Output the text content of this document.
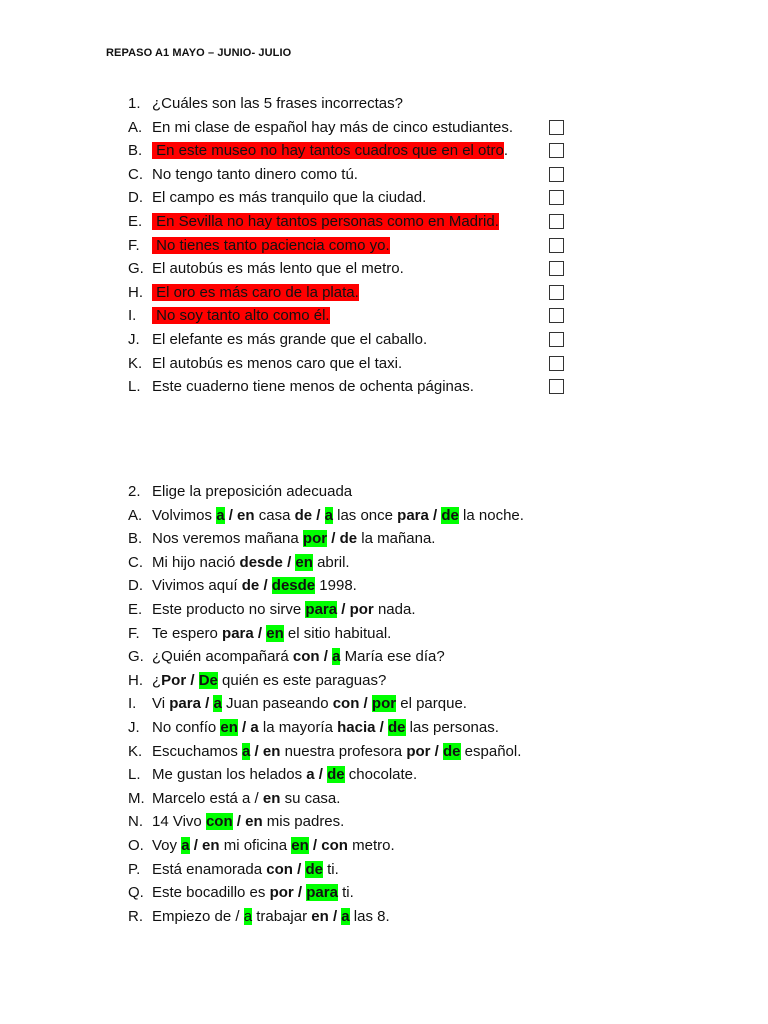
REPASO A1 MAYO – JUNIO- JULIO
1. ¿Cuáles son las 5 frases incorrectas?
A. En mi clase de español hay más de cinco estudiantes.
B. En este museo no hay tantos cuadros que en el otro.
C. No tengo tanto dinero como tú.
D. El campo es más tranquilo que la ciudad.
E. En Sevilla no hay tantos personas como en Madrid.
F. No tienes tanto paciencia como yo.
G. El autobús es más lento que el metro.
H. El oro es más caro de la plata.
I. No soy tanto alto como él.
J. El elefante es más grande que el caballo.
K. El autobús es menos caro que el taxi.
L. Este cuaderno tiene menos de ochenta páginas.
2. Elige la preposición adecuada
A. Volvimos a / en casa de / a las once para / de la noche.
B. Nos veremos mañana por / de la mañana.
C. Mi hijo nació desde / en abril.
D. Vivimos aquí de / desde 1998.
E. Este producto no sirve para / por nada.
F. Te espero para / en el sitio habitual.
G. ¿Quién acompañará con / a María ese día?
H. ¿Por / De quién es este paraguas?
I. Vi para / a Juan paseando con / por el parque.
J. No confío en / a la mayoría hacia / de las personas.
K. Escuchamos a / en nuestra profesora por / de español.
L. Me gustan los helados a / de chocolate.
M. Marcelo está a / en su casa.
N. 14 Vivo con / en mis padres.
O. Voy a / en mi oficina en / con metro.
P. Está enamorada con / de ti.
Q. Este bocadillo es por / para ti.
R. Empiezo de / a trabajar en / a las 8.
